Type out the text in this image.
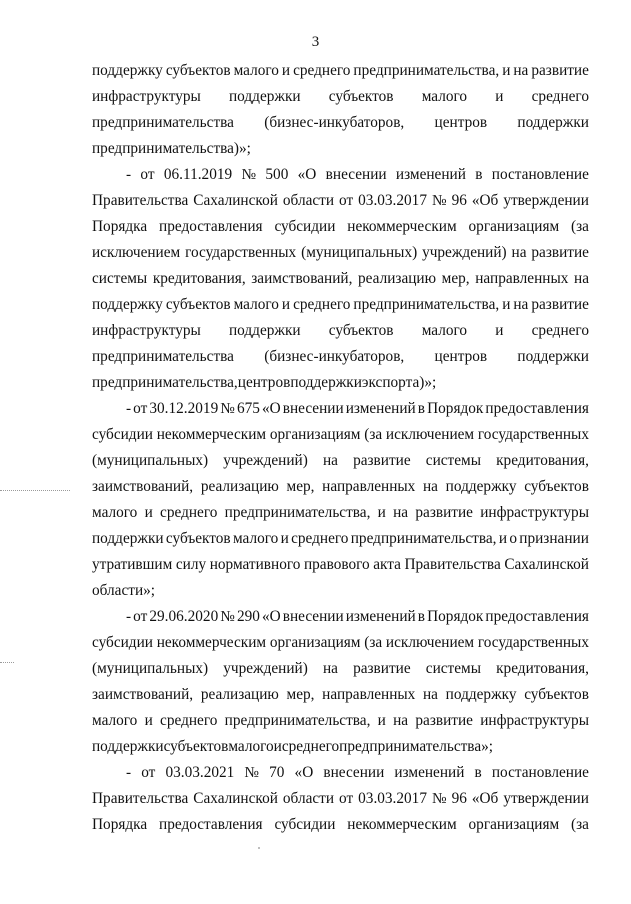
3
поддержку субъектов малого и среднего предпринимательства, и на развитие
инфраструктуры поддержки субъектов малого и среднего
предпринимательства (бизнес-инкубаторов, центров поддержки
предпринимательства)»;
- от 06.11.2019 № 500 «О внесении изменений в постановление
Правительства Сахалинской области от 03.03.2017 № 96 «Об утверждении
Порядка предоставления субсидии некоммерческим организациям (за
исключением государственных (муниципальных) учреждений) на развитие
системы кредитования, заимствований, реализацию мер, направленных на
поддержку субъектов малого и среднего предпринимательства, и на развитие
инфраструктуры поддержки субъектов малого и среднего
предпринимательства (бизнес-инкубаторов, центров поддержки
предпринимательства, центров поддержки экспорта)»;
- от 30.12.2019 № 675 «О внесении изменений в Порядок предоставления
субсидии некоммерческим организациям (за исключением государственных
(муниципальных) учреждений) на развитие системы кредитования,
заимствований, реализацию мер, направленных на поддержку субъектов
малого и среднего предпринимательства, и на развитие инфраструктуры
поддержки субъектов малого и среднего предпринимательства, и о признании
утратившим силу нормативного правового акта Правительства Сахалинской
области»;
- от 29.06.2020 № 290 «О внесении изменений в Порядок предоставления
субсидии некоммерческим организациям (за исключением государственных
(муниципальных) учреждений) на развитие системы кредитования,
заимствований, реализацию мер, направленных на поддержку субъектов
малого и среднего предпринимательства, и на развитие инфраструктуры
поддержки субъектов малого и среднего предпринимательства»;
- от 03.03.2021 № 70 «О внесении изменений в постановление
Правительства Сахалинской области от 03.03.2017 № 96 «Об утверждении
Порядка предоставления субсидии некоммерческим организациям (за
